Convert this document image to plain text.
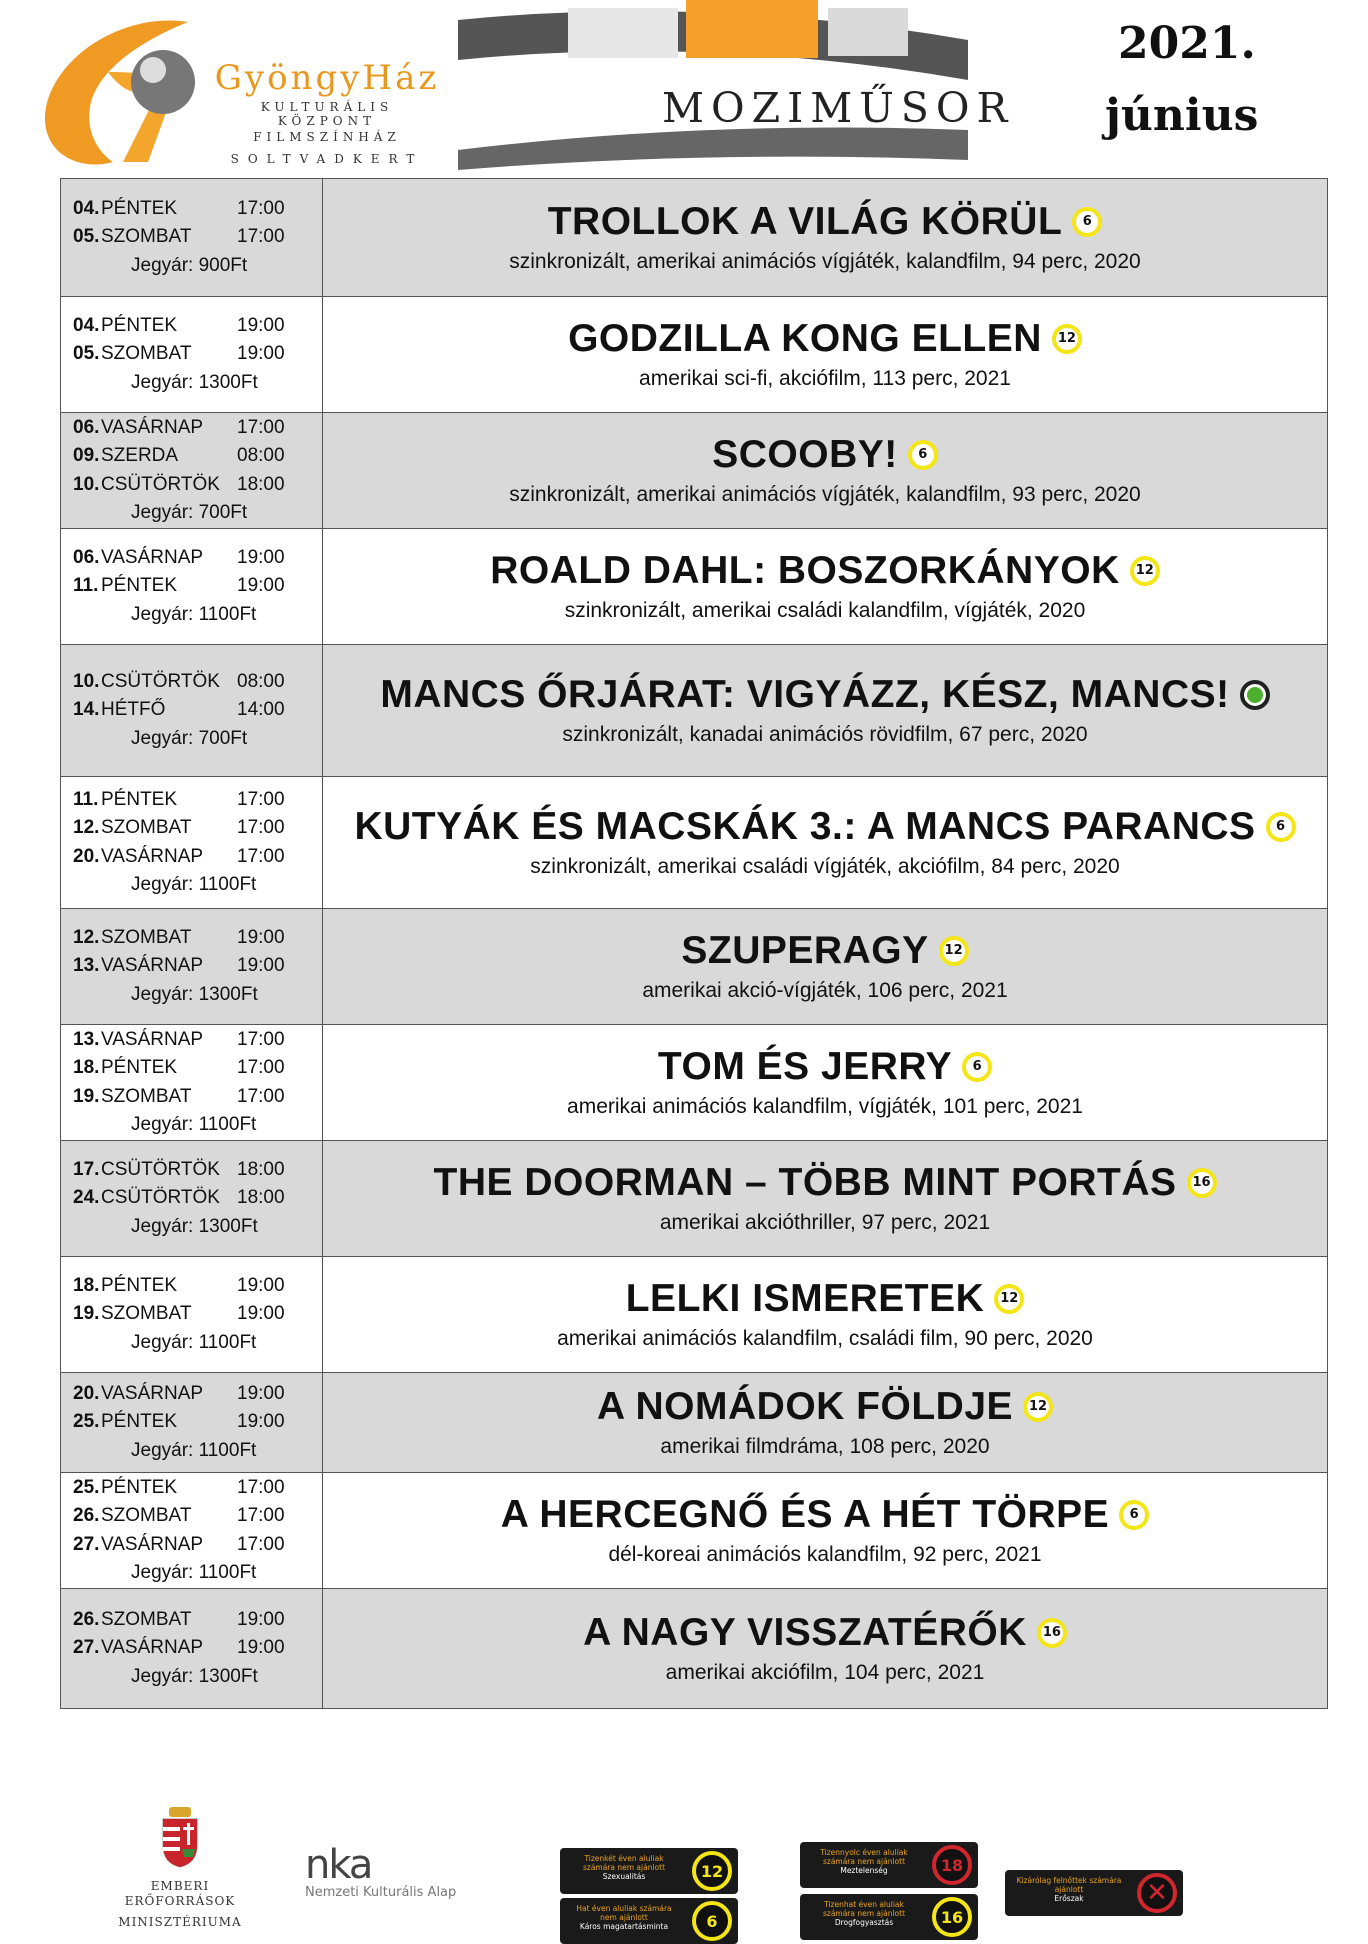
GyöngyHáz
KULTURÁLIS KÖZPONT
FILMSZÍNHÁZ
SOLTVADKERT
MOZIMŰSOR
2021.
június
04. PÉNTEK	17:00
05. SZOMBAT	17:00
Jegyár: 900Ft
TROLLOK A VILÁG KÖRÜL	6
szinkronizált, amerikai animációs vígjáték, kalandfilm, 94 perc, 2020
04. PÉNTEK	19:00
05. SZOMBAT	19:00
Jegyár: 1300Ft
GODZILLA KONG ELLEN	12
amerikai sci-fi, akciófilm, 113 perc, 2021
06. VASÁRNAP	17:00
09. SZERDA	08:00
10. CSÜTÖRTÖK 18:00
Jegyár: 700Ft
SCOOBY!	6
szinkronizált, amerikai animációs vígjáték, kalandfilm, 93 perc, 2020
06. VASÁRNAP	19:00
11. PÉNTEK	19:00
Jegyár: 1100Ft
ROALD DAHL: BOSZORKÁNYOK	12
szinkronizált, amerikai családi kalandfilm, vígjáték, 2020
10. CSÜTÖRTÖK 08:00
14. HÉTFŐ	14:00
Jegyár: 700Ft
MANCS ŐRJÁRAT: VIGYÁZZ, KÉSZ, MANCS!
szinkronizált, kanadai animációs rövidfilm, 67 perc, 2020
11. PÉNTEK	17:00
12. SZOMBAT	17:00
20. VASÁRNAP	17:00
Jegyár: 1100Ft
KUTYÁK ÉS MACSKÁK 3.: A MANCS PARANCS	6
szinkronizált, amerikai családi vígjáték, akciófilm, 84 perc, 2020
12. SZOMBAT	19:00
13. VASÁRNAP	19:00
Jegyár: 1300Ft
SZUPERAGY	12
amerikai akció-vígjáték, 106 perc, 2021
13. VASÁRNAP	17:00
18. PÉNTEK	17:00
19. SZOMBAT	17:00
Jegyár: 1100Ft
TOM ÉS JERRY	6
amerikai animációs kalandfilm, vígjáték, 101 perc, 2021
17. CSÜTÖRTÖK 18:00
24. CSÜTÖRTÖK 18:00
Jegyár: 1300Ft
THE DOORMAN – TÖBB MINT PORTÁS	16
amerikai akcióthriller, 97 perc, 2021
18. PÉNTEK	19:00
19. SZOMBAT	19:00
Jegyár: 1100Ft
LELKI ISMERETEK	12
amerikai animációs kalandfilm, családi film, 90 perc, 2020
20. VASÁRNAP	19:00
25. PÉNTEK	19:00
Jegyár: 1100Ft
A NOMÁDOK FÖLDJE	12
amerikai filmdráma, 108 perc, 2020
25. PÉNTEK	17:00
26. SZOMBAT	17:00
27. VASÁRNAP	17:00
Jegyár: 1100Ft
A HERCEGNŐ ÉS A HÉT TÖRPE	6
dél-koreai animációs kalandfilm, 92 perc, 2021
26. SZOMBAT	19:00
27. VASÁRNAP	19:00
Jegyár: 1300Ft
A NAGY VISSZATÉRŐK	16
amerikai akciófilm, 104 perc, 2021
EMBERI ERŐFORRÁSOK
MINISZTÉRIUMA
nka
Nemzeti Kulturális Alap
Tizenkét éven aluliak számára nem ajánlott
Szexualitás	12
Hat éven aluliak számára nem ajánlott
Káros magatartásminta	6
Tizennyolc éven aluliak számára nem ajánlott
Meztelenség	18
Tizenhat éven aluliak számára nem ajánlott
Drogfogyasztás	16
Kizárólag felnőttek számára ajánlott
Erőszak	✕
